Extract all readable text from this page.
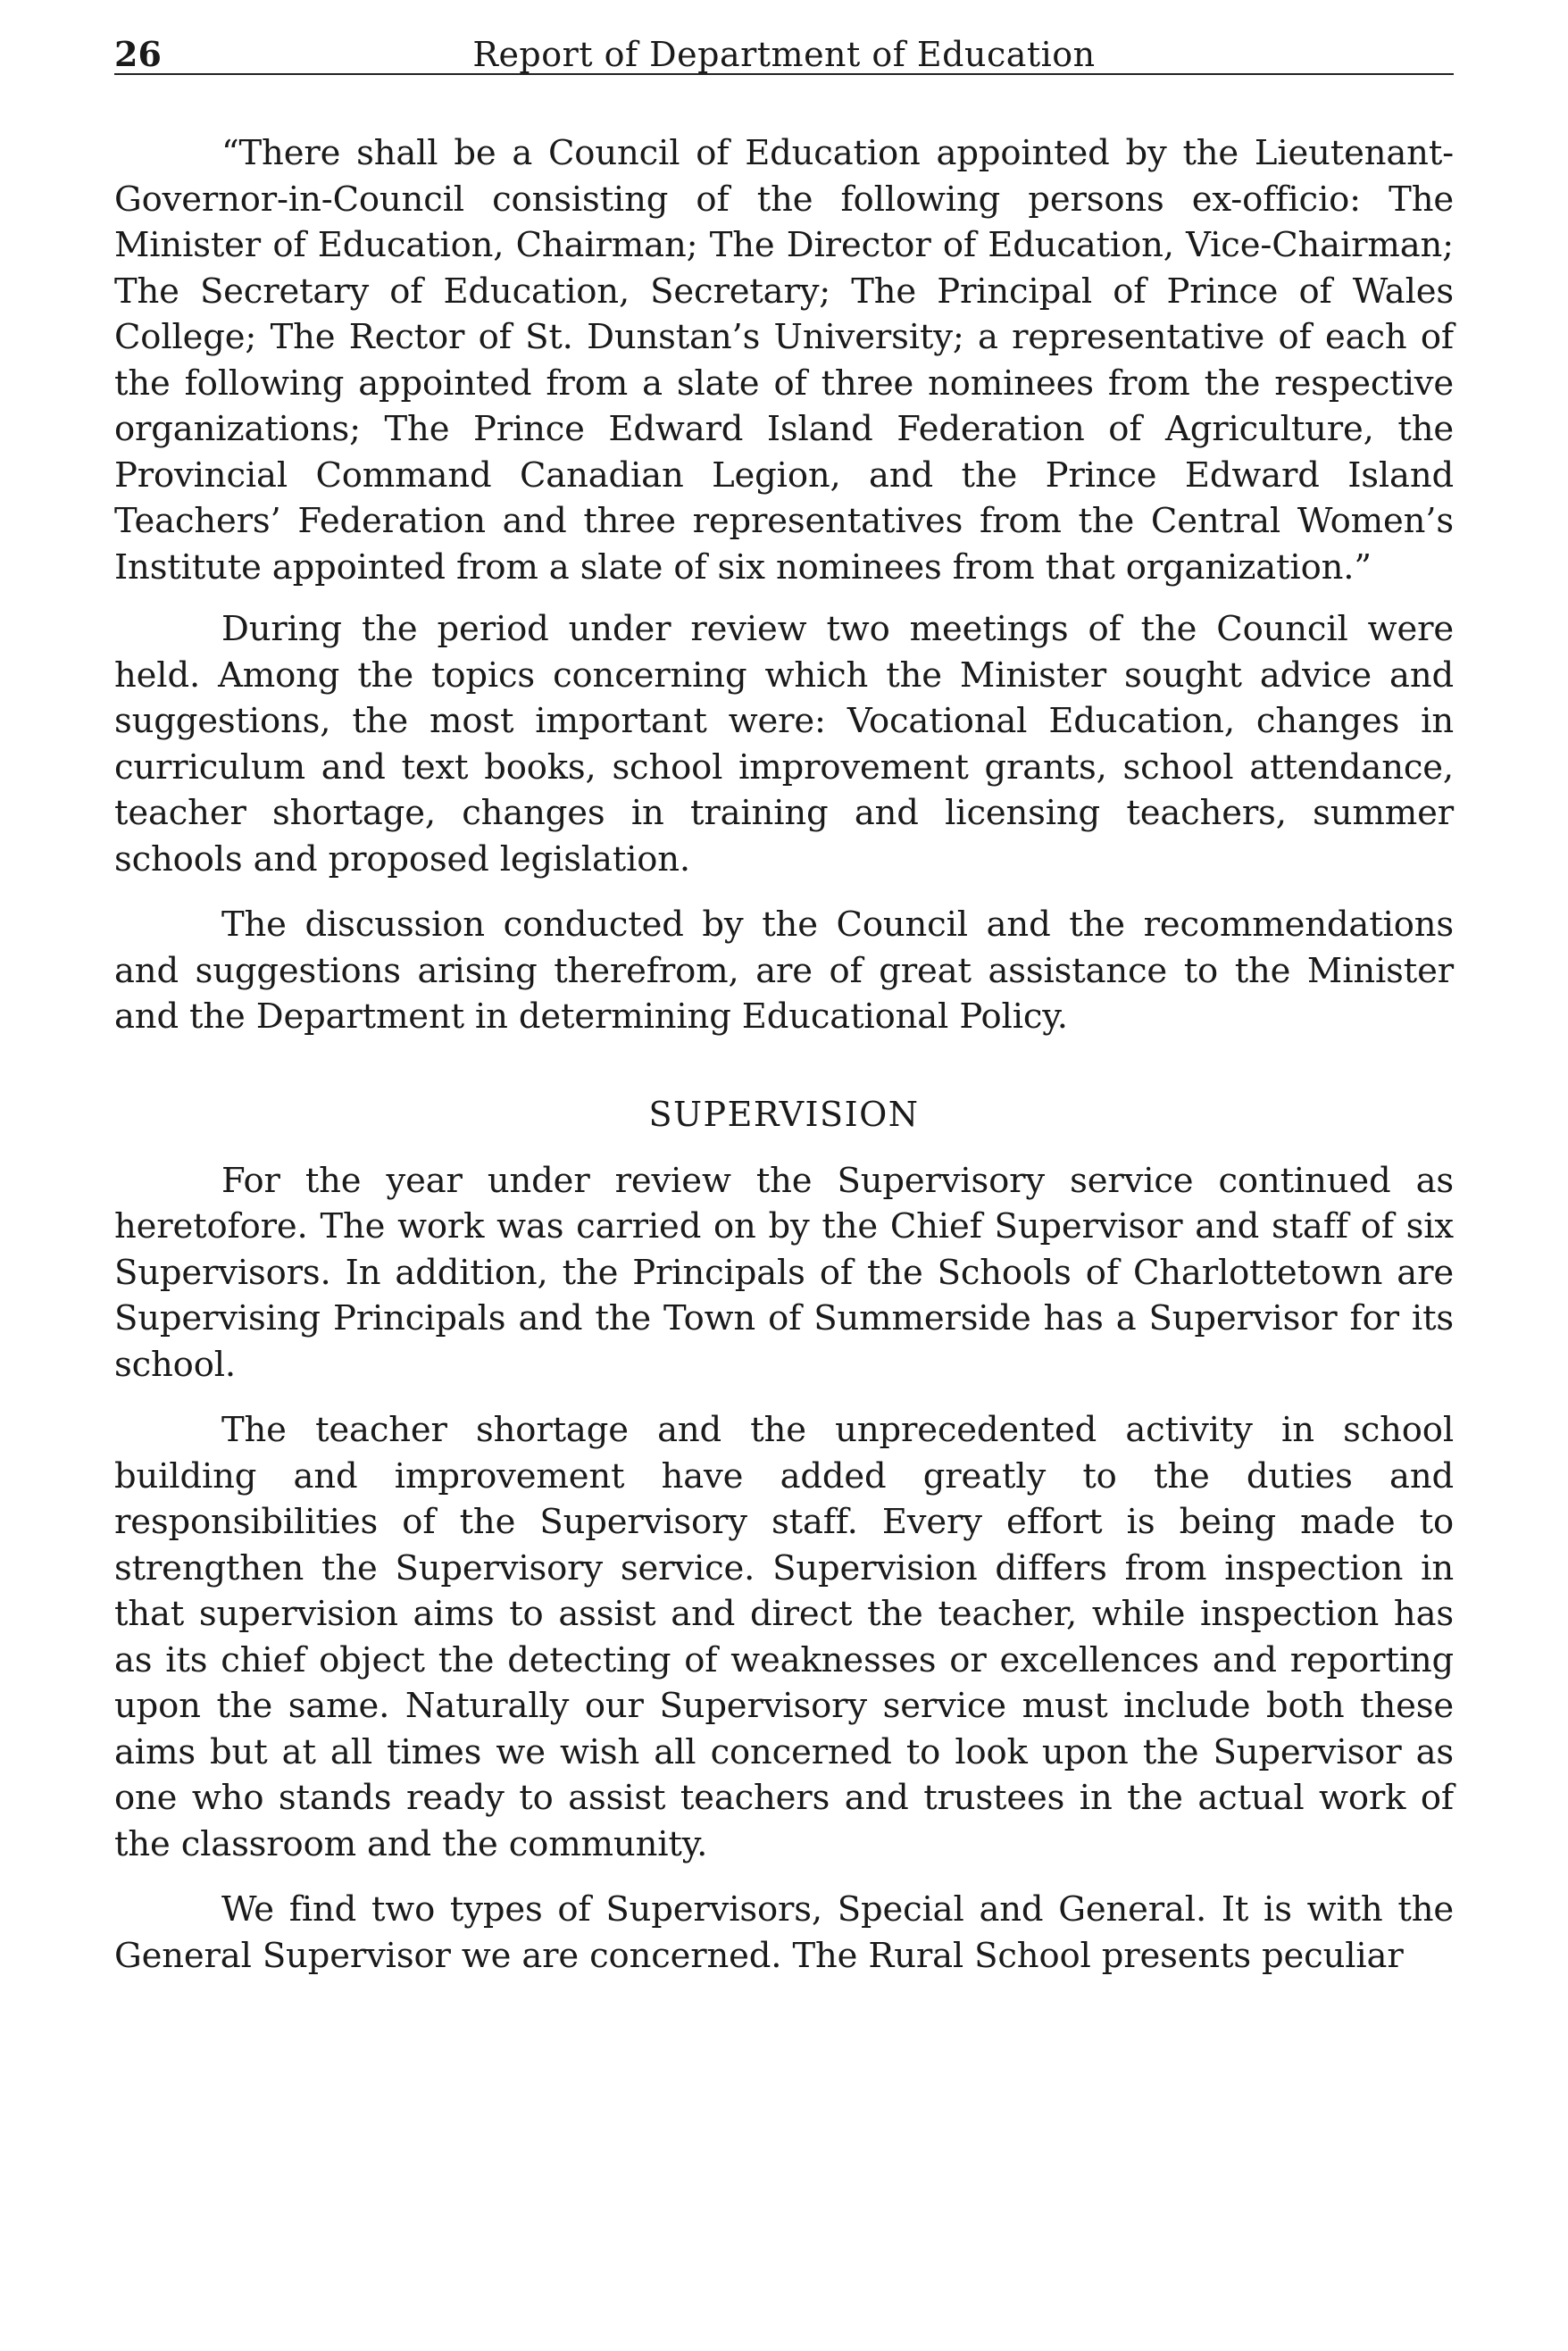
26	Report of Department of Education

“There shall be a Council of Education appointed by the Lieutenant-Governor-in-Council consisting of the following persons ex-officio: The Minister of Education, Chairman; The Director of Education, Vice-Chairman; The Secretary of Education, Secretary; The Principal of Prince of Wales College; The Rector of St. Dunstan’s University; a representative of each of the following appointed from a slate of three nominees from the respective organizations; The Prince Edward Island Federation of Agriculture, the Provincial Command Canadian Legion, and the Prince Edward Island Teachers’ Federation and three representatives from the Central Women’s Institute appointed from a slate of six nominees from that organization.”

During the period under review two meetings of the Council were held. Among the topics concerning which the Minister sought advice and suggestions, the most important were: Vocational Education, changes in curriculum and text books, school improvement grants, school attendance, teacher shortage, changes in training and licensing teachers, summer schools and proposed legislation.

The discussion conducted by the Council and the recommendations and suggestions arising therefrom, are of great assistance to the Minister and the Department in determining Educational Policy.

SUPERVISION

For the year under review the Supervisory service continued as heretofore. The work was carried on by the Chief Supervisor and staff of six Supervisors. In addition, the Principals of the Schools of Charlottetown are Supervising Principals and the Town of Summerside has a Supervisor for its school.

The teacher shortage and the unprecedented activity in school building and improvement have added greatly to the duties and responsibilities of the Supervisory staff. Every effort is being made to strengthen the Supervisory service. Supervision differs from inspection in that supervision aims to assist and direct the teacher, while inspection has as its chief object the detecting of weaknesses or excellences and reporting upon the same. Naturally our Supervisory service must include both these aims but at all times we wish all concerned to look upon the Supervisor as one who stands ready to assist teachers and trustees in the actual work of the classroom and the community.

We find two types of Supervisors, Special and General. It is with the General Supervisor we are concerned. The Rural School presents peculiar
